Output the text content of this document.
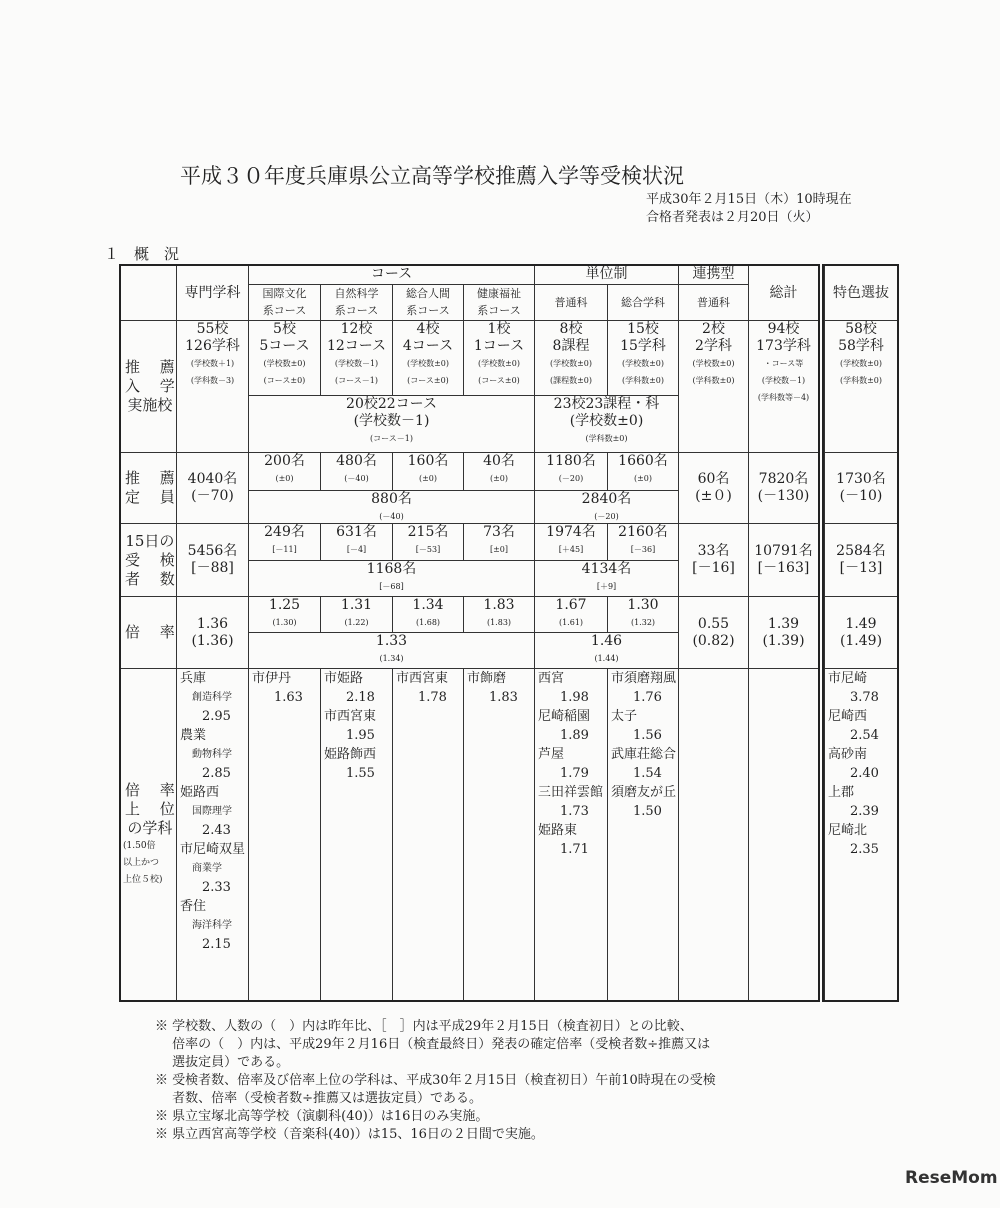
平成３０年度兵庫県公立高等学校推薦入学等受検状況
平成30年２月15日（木）10時現在
合格者発表は２月20日（火）
１　概　況
専門学科
コース
国際文化
系コース
自然科学
系コース
総合人間
系コース
健康福祉
系コース
単位制
普通科	総合学科
連携型
普通科
総計	特色選抜
推　 薦
入　 学
実施校
55校
126学科
(学校数＋1)
(学科数－3)
5校
5コース
(学校数±0)
(コース±0)
12校
12コース
(学校数－1)
(コース－1)
4校
4コース
(学校数±0)
(コース±0)
1校
1コース
(学校数±0)
(コース±0)
20校22コース
(学校数－1)
(コース－1)
8校
8課程
(学校数±0)
(課程数±0)
15校
15学科
(学校数±0)
(学科数±0)
23校23課程・科
(学校数±0)
(学科数±0)
2校
2学科
(学校数±0)
(学科数±0)
94校
173学科
・コース等
(学校数－1)
(学科数等－4)
58校
58学科
(学校数±0)
(学科数±0)
推　 薦
定　 員
4040名
(－70)
200名
(±0)
480名
(－40)
160名
(±0)
40名
(±0)
880名
(－40)
1180名
(－20)
1660名
(±0)
2840名
(－20)
60名
(±０)
7820名
(－130)
1730名
(－10)
15日の
受　 検
者　 数
5456名
[－88]
249名
[－11]
631名
[－4]
215名
[－53]
73名
[±0]
1168名
[－68]
1974名
[＋45]
2160名
[－36]
4134名
[＋9]
33名
[－16]
10791名
[－163]
2584名
[－13]
倍　 率 1.36
(1.36)
1.25
(1.30)
1.31
(1.22)
1.34
(1.68)
1.83
(1.83)
1.33
(1.34)
1.67
(1.61)
1.30
(1.32)
1.46
(1.44)
0.55
(0.82)
1.39
(1.39)
1.49
(1.49)
倍　 率
上　 位
の学科
(1.50倍
以上かつ
上位５校)
兵庫
創造科学
2.95
農業
動物科学
2.85
姫路西
国際理学
2.43
市尼崎双星
商業学
2.33
香住
海洋科学
2.15
市伊丹
1.63
市姫路
2.18
市西宮東
1.95
姫路飾西
1.55
市西宮東
1.78
市飾磨
1.83
西宮
1.98
尼崎稲園
1.89
芦屋
1.79
三田祥雲館
1.73
姫路東
1.71
市須磨翔風
1.76
太子
1.56
武庫荘総合
1.54
須磨友が丘
1.50
市尼崎
3.78
尼崎西
2.54
高砂南
2.40
上郡
2.39
尼崎北
2.35
※ 学校数、人数の（　）内は昨年比、［　］内は平成29年２月15日（検査初日）との比較、
　 倍率の（　）内は、平成29年２月16日（検査最終日）発表の確定倍率（受検者数÷推薦又は
　 選抜定員）である。
※ 受検者数、倍率及び倍率上位の学科は、平成30年２月15日（検査初日）午前10時現在の受検
　 者数、倍率（受検者数÷推薦又は選抜定員）である。
※ 県立宝塚北高等学校（演劇科(40)）は16日のみ実施。
※ 県立西宮高等学校（音楽科(40)）は15、16日の２日間で実施。
ReseMom
